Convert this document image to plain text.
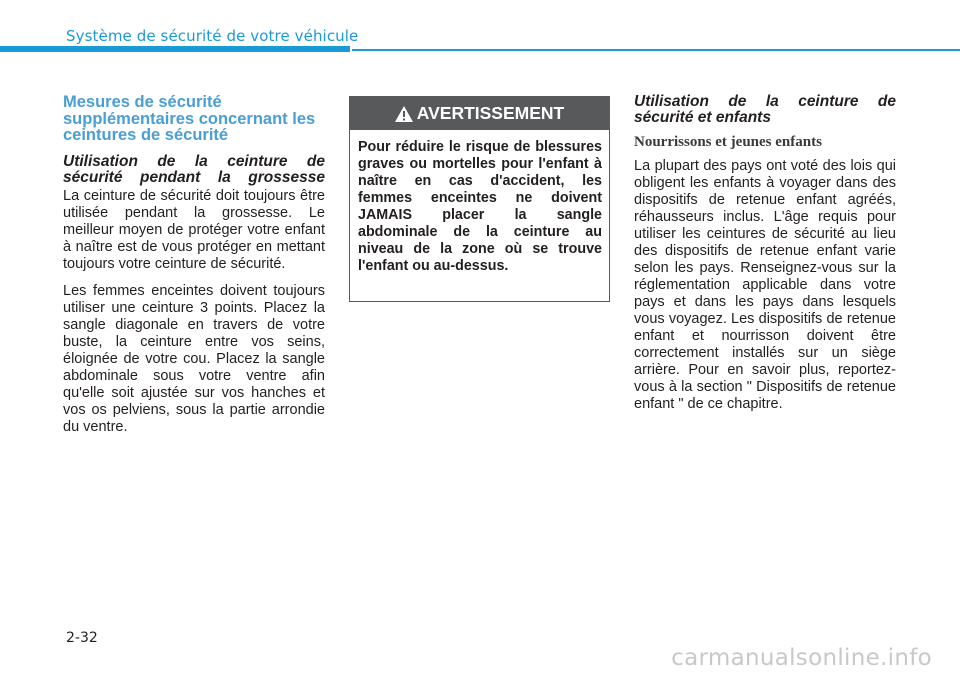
Système de sécurité de votre véhicule
Mesures de sécurité supplémentaires concernant les ceintures de sécurité
Utilisation de la ceinture de sécurité pendant la grossesse

La ceinture de sécurité doit toujours être utilisée pendant la grossesse. Le meilleur moyen de protéger votre enfant à naître est de vous protéger en mettant toujours votre ceinture de sécurité.

Les femmes enceintes doivent toujours utiliser une ceinture 3 points. Placez la sangle diagonale en travers de votre buste, la ceinture entre vos seins, éloignée de votre cou. Placez la sangle abdominale sous votre ventre afin qu'elle soit ajustée sur vos hanches et vos os pelviens, sous la partie arrondie du ventre.

AVERTISSEMENT
Pour réduire le risque de blessures graves ou mortelles pour l'enfant à naître en cas d'accident, les femmes enceintes ne doivent JAMAIS placer la sangle abdominale de la ceinture au niveau de la zone où se trouve l'enfant ou au-dessus.
Utilisation de la ceinture de sécurité et enfants
Nourrissons et jeunes enfants

La plupart des pays ont voté des lois qui obligent les enfants à voyager dans des dispositifs de retenue enfant agréés, réhausseurs inclus. L'âge requis pour utiliser les ceintures de sécurité au lieu des dispositifs de retenue enfant varie selon les pays. Renseignez-vous sur la réglementation applicable dans votre pays et dans les pays dans lesquels vous voyagez. Les dispositifs de retenue enfant et nourrisson doivent être correctement installés sur un siège arrière. Pour en savoir plus, reportez-vous à la section " Dispositifs de retenue enfant " de ce chapitre.

2-32
carmanualsonline.info
